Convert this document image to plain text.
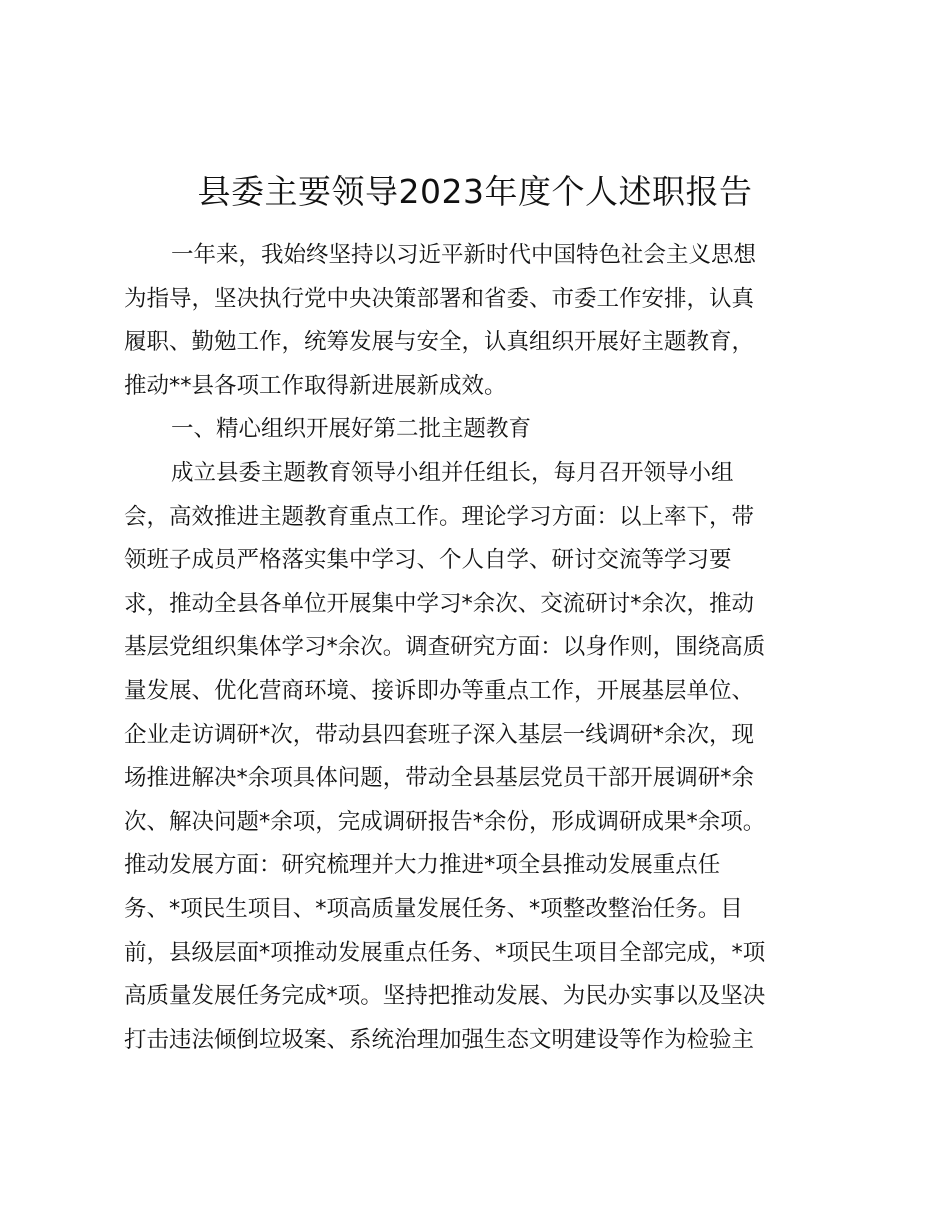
县委主要领导2023年度个人述职报告
一年来，我始终坚持以习近平新时代中国特色社会主义思想
为指导，坚决执行党中央决策部署和省委、市委工作安排，认真
履职、勤勉工作，统筹发展与安全，认真组织开展好主题教育，
推动**县各项工作取得新进展新成效。
一、精心组织开展好第二批主题教育
成立县委主题教育领导小组并任组长，每月召开领导小组
会，高效推进主题教育重点工作。理论学习方面：以上率下，带
领班子成员严格落实集中学习、个人自学、研讨交流等学习要
求，推动全县各单位开展集中学习*余次、交流研讨*余次，推动
基层党组织集体学习*余次。调查研究方面：以身作则，围绕高质
量发展、优化营商环境、接诉即办等重点工作，开展基层单位、
企业走访调研*次，带动县四套班子深入基层一线调研*余次，现
场推进解决*余项具体问题，带动全县基层党员干部开展调研*余
次、解决问题*余项，完成调研报告*余份，形成调研成果*余项。
推动发展方面：研究梳理并大力推进*项全县推动发展重点任
务、*项民生项目、*项高质量发展任务、*项整改整治任务。目
前，县级层面*项推动发展重点任务、*项民生项目全部完成，*项
高质量发展任务完成*项。坚持把推动发展、为民办实事以及坚决
打击违法倾倒垃圾案、系统治理加强生态文明建设等作为检验主
